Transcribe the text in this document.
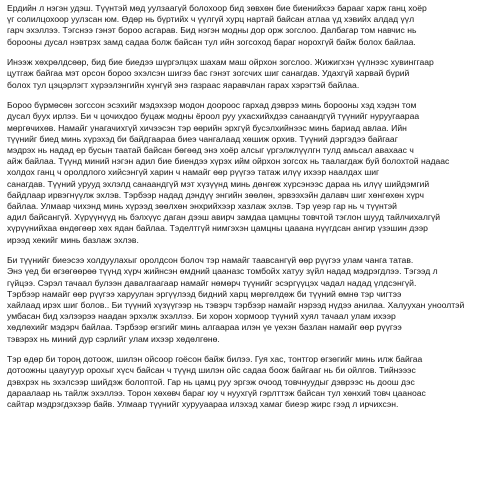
Ердийн л нэгэн удэш. Түүнтэй мөд уулзаагүй болохоор бид зөвхөн бие биенийхээ барааг харж ганц хоёр
үг солилцохоор уулзсан юм. Өдөр нь бүртийх ч үүлгүй хурц нартай байсан атлаа үд хэвийх алдад үүл
гарч эхэллээ. Тэгснээ гэнэт бороо асгарав. Бид нэгэн модны дор орж зогслоо. Далбагар том навчис нь
борооны дусал нэвтрэх замд садаа болж байсан тул ийн зогсоход бараг норохгүй байж болох байлаа.

Инээж хөхрөлдсөөр, бид бие биедээ шүргэлцэх шахам маш ойрхон зогслоо. Жижигхэн үүлнээс хувинггаар
цутгаж байгаа мэт орсон бороо эхэлсэн шигээ бас гэнэт зогсчих шиг санагдав. Удахгүй харвай бүрий
болох тул цэцэрлэгт хүрээлэнгийн хүнгүй энэ газраас яаравчлан гарах хэрэгтэй байлаа.

Бороо бүрмөсөн зогссон эсэхийг мэдэхээр модон доороос гархад дэврээ минь борооны хэд хэдэн том
дусал буух ирлээ. Би ч цочихдоо буцаж модны ёроол руу ухасхийхдээ санаандгүй түүнийг нуруугаараа
мөргөчихөв. Намайг унагачихгүй хичээсэн тэр өөрийн эрхгүй бусэлхийнээс минь бариад авлаа. Ийн
түүнийг биед минь хүрэхэд би байдгаараа биеэ чангалаад хөшиж орхив. Түүний дэргэдээ байгааг
мэдрэх нь надад ер бусын таатай байсан бөгөөд энэ хоёр алсыг үргэлжлүүлгн тулд амьсал авахаас ч
айж байлаа. Түүнд миний нэгэн адил бие биендээ хүрэх ийм ойрхон зогсох нь таалагдаж буй болохтой надаас
холдох ганц ч оролдлого хийсэнгүй харин ч намайг өөр рүүгээ татаж илүү ихээр наалдах шиг
санагдав. Түүний урууд эхлэлд санаандгүй мэт хүзүүнд минь дөнгөж хүрсэнээс дараа нь илүү шийдэмгий
байдлаар ирвэгнүүлж эхлэв. Тэрбээр надад дэндүү энгийн зөөлөн, эрвээхэйн далавч шиг хөнгөхөн хүрч
байлаа. Улмаар чихэнд минь хүрээд зөөлхөн энхрийхээр хазлаж эхлэв. Тэр үеэр гар нь ч түүнтэй
адил байсангүй. Хүрүүнүүд нь бэлхүүс даган дээш авирч замдаа цамцны товчтой тэглон шууд тайлчихалгүй
хүрүүнийхаа өндөгөөр хөх ядан байлаа. Тэделтгүй нимгэхэн цамцны цааана нүүгдсан ангир үзэшин дээр
ирээд хекийг минь базлаж эхлэв.

Би түүнийг биеэсээ холдуулахыг оролдсон болоч тэр намайг таавсангүй өөр рүүгээ улам чанга татав.
Энэ үед би өгзөгөөрөө түүнд хүрч жийнсэн өмдний цааназс томбойх хатуу зүйл надад мэдрэгдлээ. Тэгээд л
гүйцээ. Сэрэл тачаал булээн давалгаагаар намайг нөмөрч түүнийг эсэргүүцэх чадал надад үлдсэнгүй.
Тэрбээр намайг өөр рүүгээ харуулан эргүүлээд бидний харц мөргөлдөж би түүний өмнө тэр чигтээ
хайлаад ирэх шиг болов.. Би түүний хүзүүгээр нь тэвэрч тэрбээр намайг нэрээд нүдээ анилаа. Халуухан уноолтэй
умбасан бид хэлээрээ наадан эрхэлж эхэллээ. Би хорон хормоор түүний хуял тачаал улам ихээр
хөдлөхийг мэдэрч байлаа. Тэрбээр өгзгийг минь алгаараа илэн үе үехэн базлан намайг өөр рүүгээ
тэвэрэх нь миний дур сэрлийг улам ихээр хөдөлгөнө.

Тэр өдөр би тороң дотоож, шилэн ойсоор гоёсон байж билээ. Гуя хас, тонтгор өгзөгийг минь илж байгаа
дотоожны цааугуур орохыг хүсч байсан ч түүнд шилэн ойс садаа боож байгааг нь би ойлгов. Тийнэээс
дэвхрэх нь эхэлсээр шийдэж болоптой. Гар нь цамц руу эргэж очоод товчнуудыг дэврээс нь доош дэс
дараалаар нь тайлж эхэллээ. Торон хөхөвч бараг юу ч нуухгүй гэрлттэж байсан тул хөнхий товч цааноас
сайтар мэдрэгдэхээр байв. Улмаар түүнийг хурууаараа илэхэд хамаг биеэр жирс гээд л ирчихсэн.
